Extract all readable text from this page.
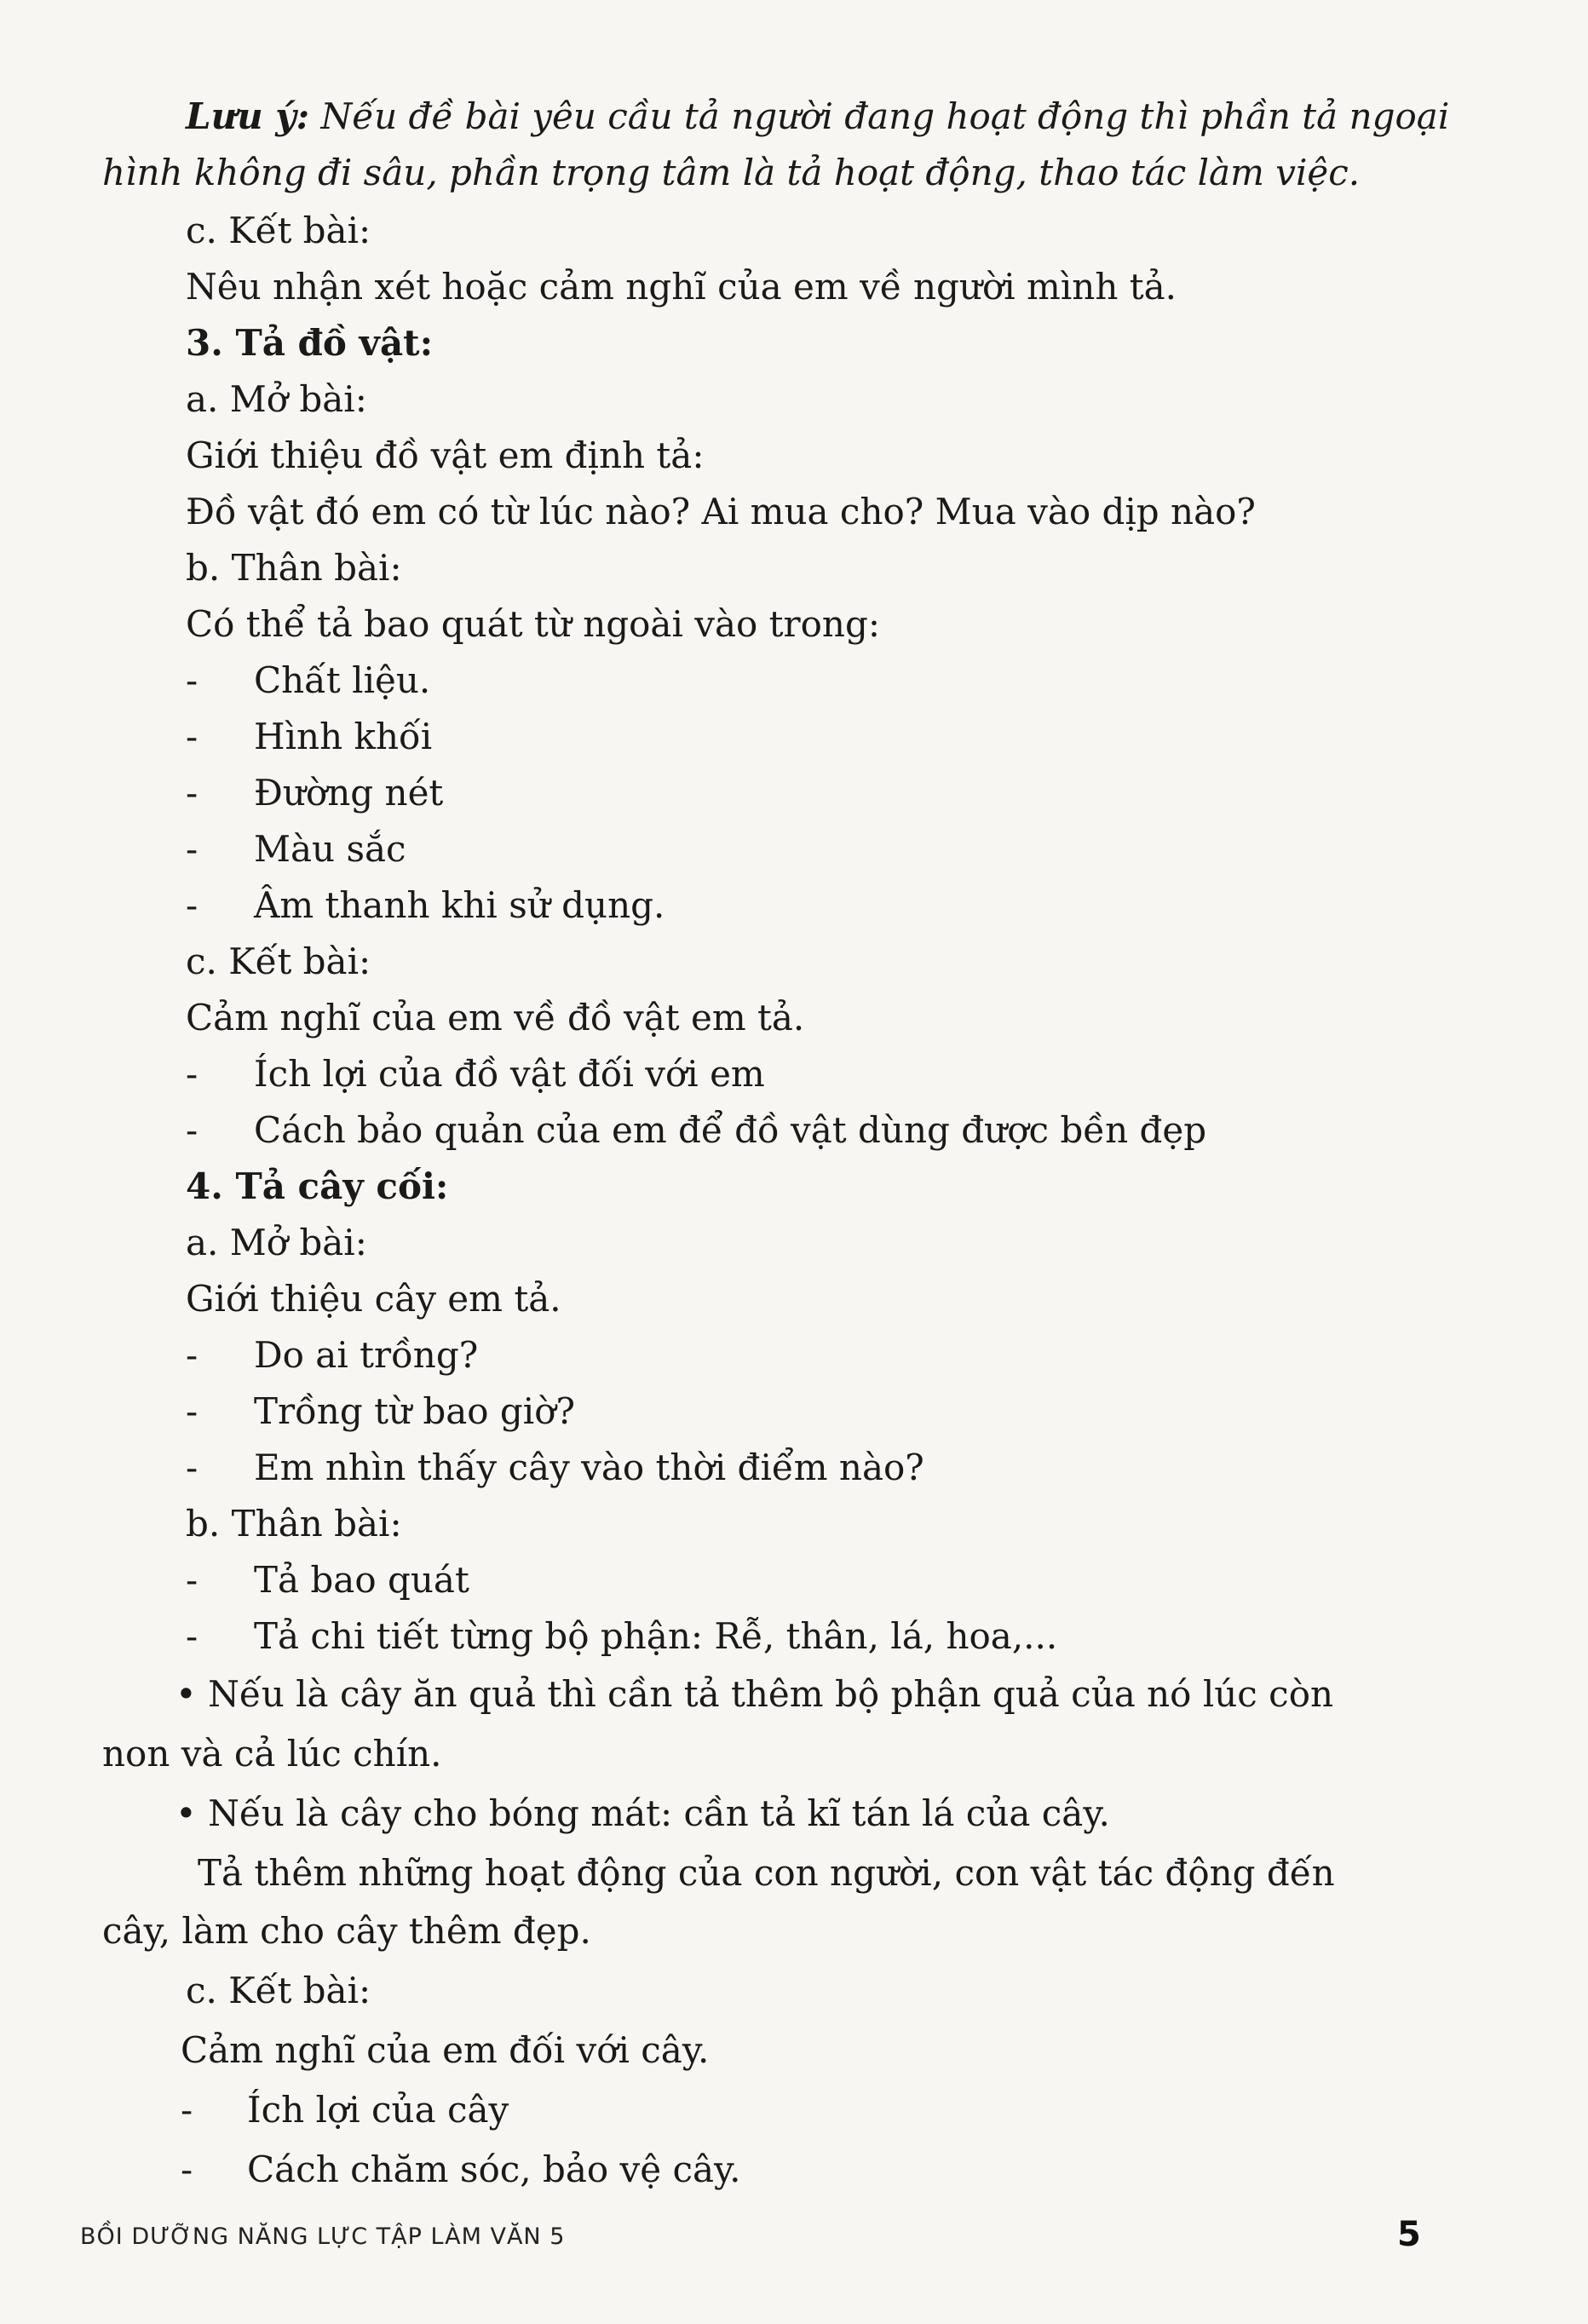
Lưu ý: Nếu đề bài yêu cầu tả người đang hoạt động thì phần tả ngoại
hình không đi sâu, phần trọng tâm là tả hoạt động, thao tác làm việc.
c. Kết bài:
Nêu nhận xét hoặc cảm nghĩ của em về người mình tả.
3. Tả đồ vật:
a. Mở bài:
Giới thiệu đồ vật em định tả:
Đồ vật đó em có từ lúc nào? Ai mua cho? Mua vào dịp nào?
b. Thân bài:
Có thể tả bao quát từ ngoài vào trong:
- Chất liệu.
- Hình khối
- Đường nét
- Màu sắc
- Âm thanh khi sử dụng.
c. Kết bài:
Cảm nghĩ của em về đồ vật em tả.
- Ích lợi của đồ vật đối với em
- Cách bảo quản của em để đồ vật dùng được bền đẹp
4. Tả cây cối:
a. Mở bài:
Giới thiệu cây em tả.
- Do ai trồng?
- Trồng từ bao giờ?
- Em nhìn thấy cây vào thời điểm nào?
b. Thân bài:
- Tả bao quát
- Tả chi tiết từng bộ phận: Rễ, thân, lá, hoa,...
• Nếu là cây ăn quả thì cần tả thêm bộ phận quả của nó lúc còn
non và cả lúc chín.
• Nếu là cây cho bóng mát: cần tả kĩ tán lá của cây.
Tả thêm những hoạt động của con người, con vật tác động đến
cây, làm cho cây thêm đẹp.
c. Kết bài:
Cảm nghĩ của em đối với cây.
- Ích lợi của cây
- Cách chăm sóc, bảo vệ cây.
BỒI DƯỠNG NĂNG LỰC TẬP LÀM VĂN 5	5
